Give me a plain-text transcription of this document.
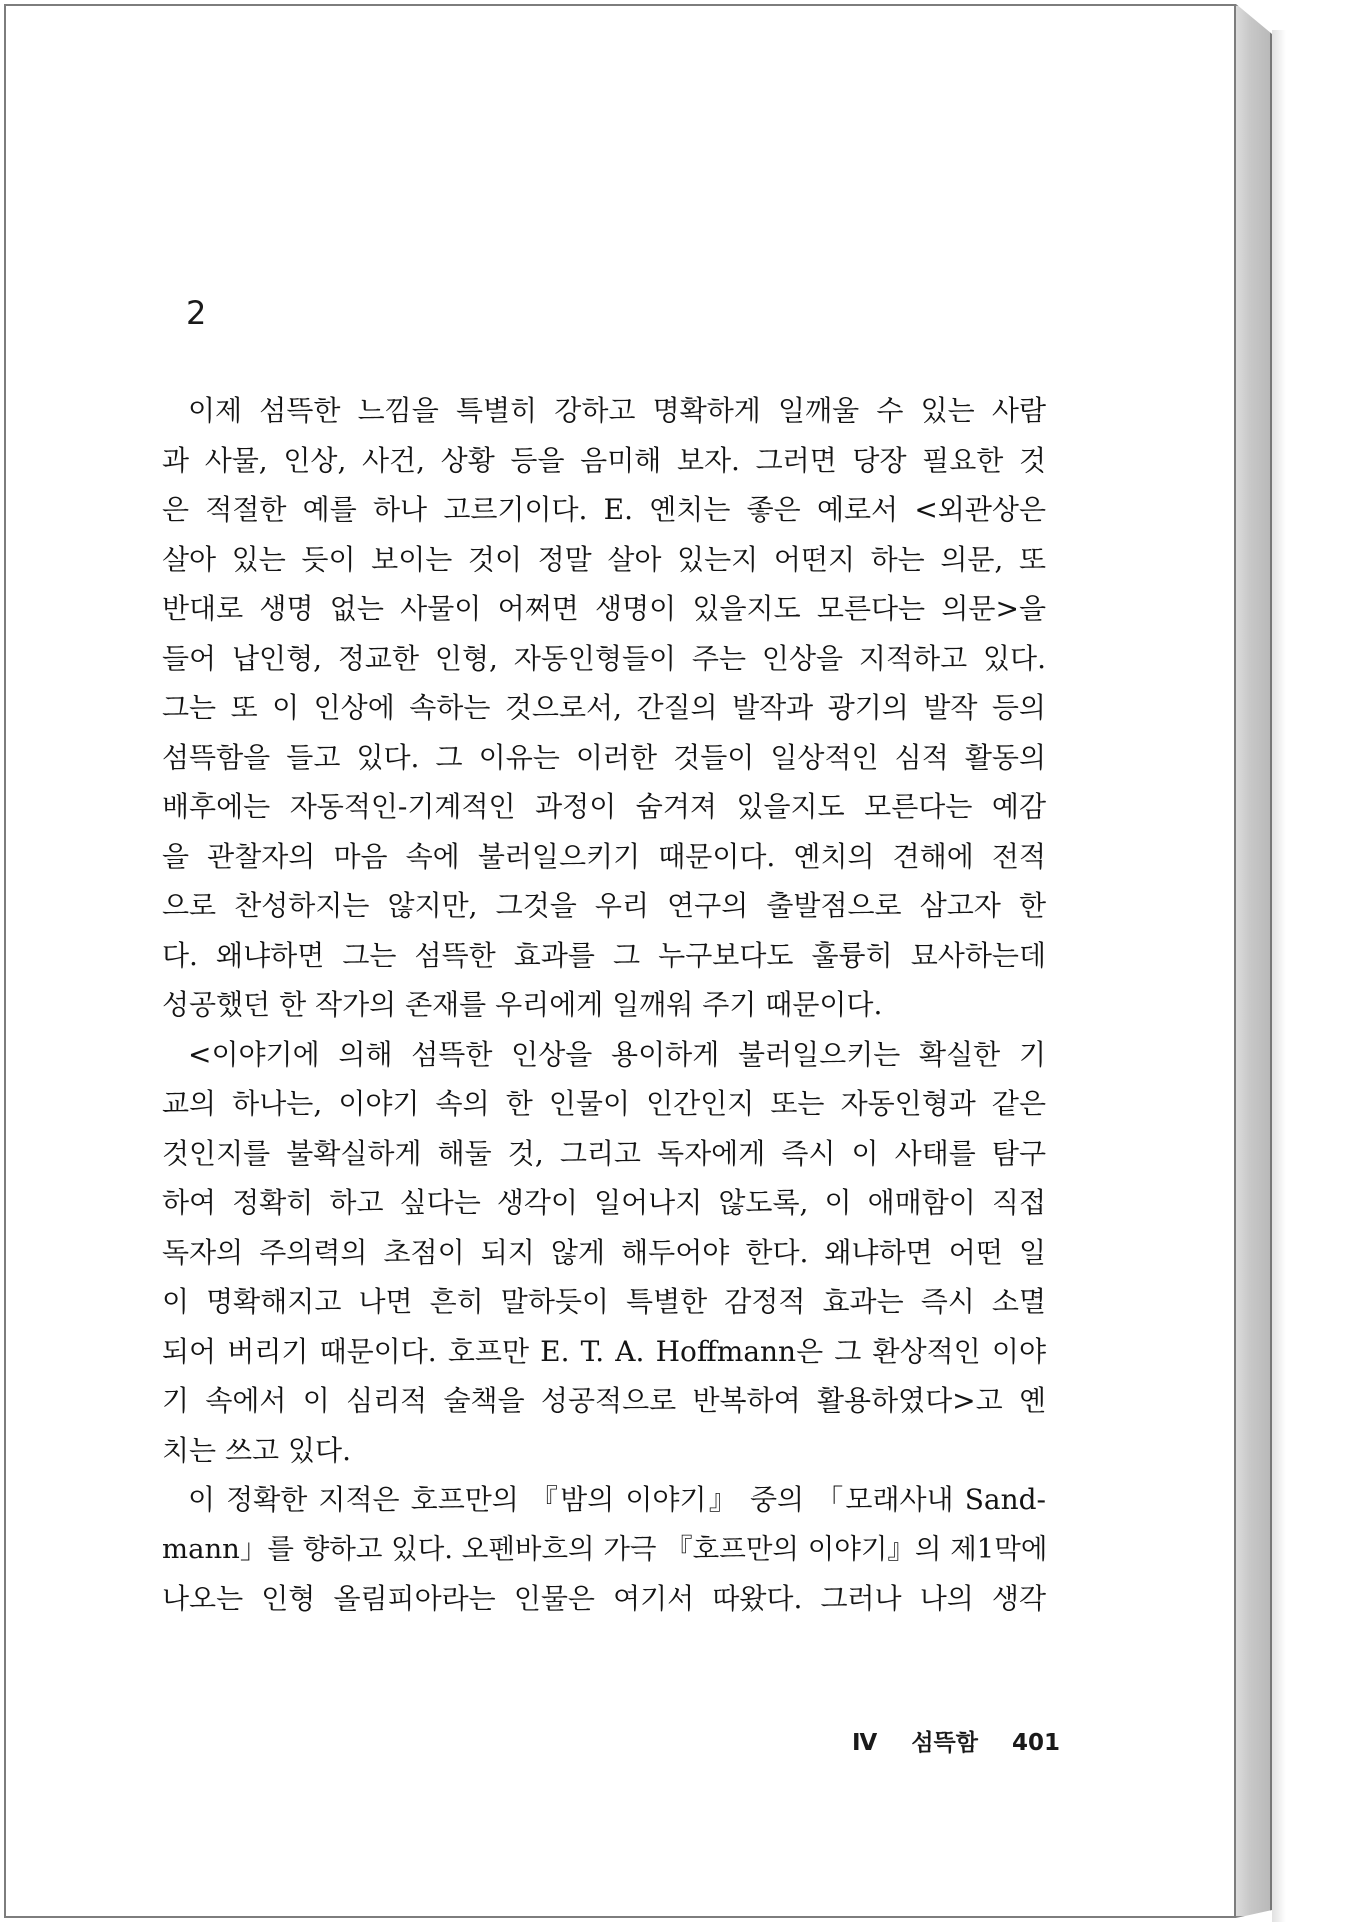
2
이제 섬뜩한 느낌을 특별히 강하고 명확하게 일깨울 수 있는 사람
과 사물, 인상, 사건, 상황 등을 음미해 보자. 그러면 당장 필요한 것
은 적절한 예를 하나 고르기이다. E. 옌치는 좋은 예로서 <외관상은
살아 있는 듯이 보이는 것이 정말 살아 있는지 어떤지 하는 의문, 또
반대로 생명 없는 사물이 어쩌면 생명이 있을지도 모른다는 의문>을
들어 납인형, 정교한 인형, 자동인형들이 주는 인상을 지적하고 있다.
그는 또 이 인상에 속하는 것으로서, 간질의 발작과 광기의 발작 등의
섬뜩함을 들고 있다. 그 이유는 이러한 것들이 일상적인 심적 활동의
배후에는 자동적인-기계적인 과정이 숨겨져 있을지도 모른다는 예감
을 관찰자의 마음 속에 불러일으키기 때문이다. 옌치의 견해에 전적
으로 찬성하지는 않지만, 그것을 우리 연구의 출발점으로 삼고자 한
다. 왜냐하면 그는 섬뜩한 효과를 그 누구보다도 훌륭히 묘사하는데
성공했던 한 작가의 존재를 우리에게 일깨워 주기 때문이다.
<이야기에 의해 섬뜩한 인상을 용이하게 불러일으키는 확실한 기
교의 하나는, 이야기 속의 한 인물이 인간인지 또는 자동인형과 같은
것인지를 불확실하게 해둘 것, 그리고 독자에게 즉시 이 사태를 탐구
하여 정확히 하고 싶다는 생각이 일어나지 않도록, 이 애매함이 직접
독자의 주의력의 초점이 되지 않게 해두어야 한다. 왜냐하면 어떤 일
이 명확해지고 나면 흔히 말하듯이 특별한 감정적 효과는 즉시 소멸
되어 버리기 때문이다. 호프만 E. T. A. Hoffmann은 그 환상적인 이야
기 속에서 이 심리적 술책을 성공적으로 반복하여 활용하였다>고 옌
치는 쓰고 있다.
이 정확한 지적은 호프만의 『밤의 이야기』 중의 「모래사내 Sand-
mann」를 향하고 있다. 오펜바흐의 가극 『호프만의 이야기』의 제1막에
나오는 인형 올림피아라는 인물은 여기서 따왔다. 그러나 나의 생각
Ⅳ 섬뜩함 401
